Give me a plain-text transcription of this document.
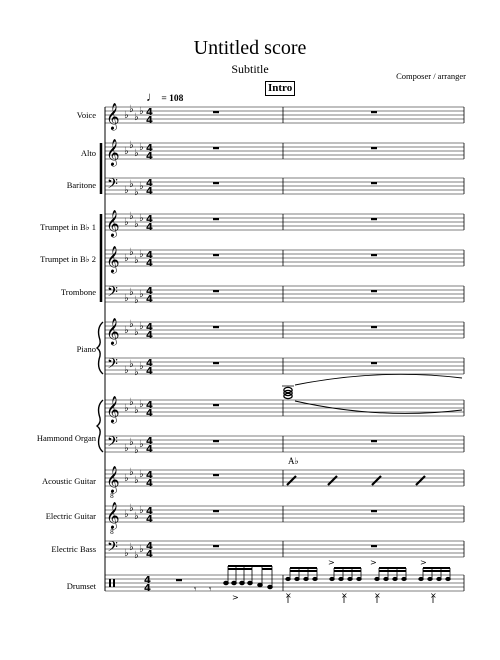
Untitled score
Subtitle	Composer / arranger
♩ = 108
Intro
A♭
Voice
Alto
Baritone
Trumpet in B♭ 1
Trumpet in B♭ 2
Trombone
Piano
Hammond Organ
Acoustic Guitar
Electric Guitar
Electric Bass
Drumset
𝄞 ♭
♭
♭
♭ 4
4
𝄞 ♭
♭
♭
♭ 4
4
𝄢 ♭
♭
♭
♭ 4
4
𝄞 ♭
♭
♭
♭ 4
4
𝄞 ♭
♭
♭
♭ 4
4
𝄢 ♭
♭
♭
♭ 4
4
𝄞 ♭
♭
♭
♭ 4
4
𝄢 ♭
♭
♭
♭ 4
4
𝄞 ♭
♭
♭
♭ 4
4
𝄢 ♭
♭
♭
♭ 4
4
𝄞
8
♭
♭
♭
♭ 4
4
𝄞
8
♭
♭
♭
♭ 4
4
𝄢 ♭
♭
♭
♭ 4
4
4
4	𝄾 𝄾
>	×	×	×	×
>	>	>
